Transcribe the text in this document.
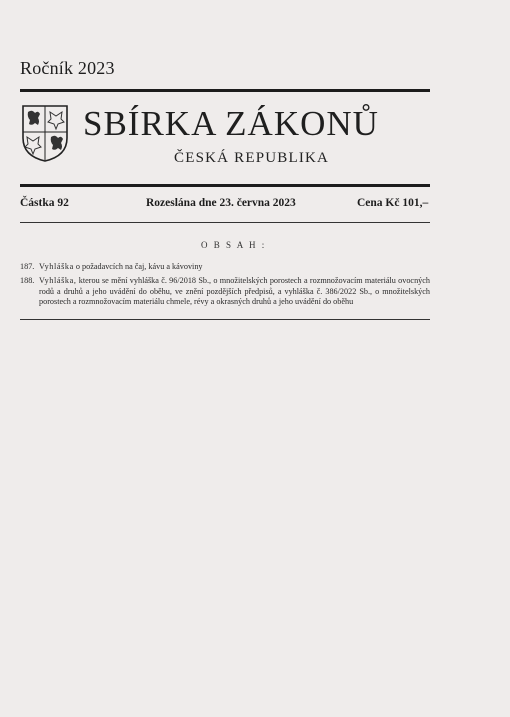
Ročník 2023
SBÍRKA ZÁKONŮ
ČESKÁ REPUBLIKA
Částka 92	Rozeslána dne 23. června 2023	Cena Kč 101,–
O B S A H :
187. Vyhláška o požadavcích na čaj, kávu a kávoviny
188. Vyhláška, kterou se mění vyhláška č. 96/2018 Sb., o množitelských porostech a rozmnožovacím materiálu ovocných rodů a druhů a jeho uvádění do oběhu, ve znění pozdějších předpisů, a vyhláška č. 386/2022 Sb., o množitelských porostech a rozmnožovacím materiálu chmele, révy a okrasných druhů a jeho uvádění do oběhu
